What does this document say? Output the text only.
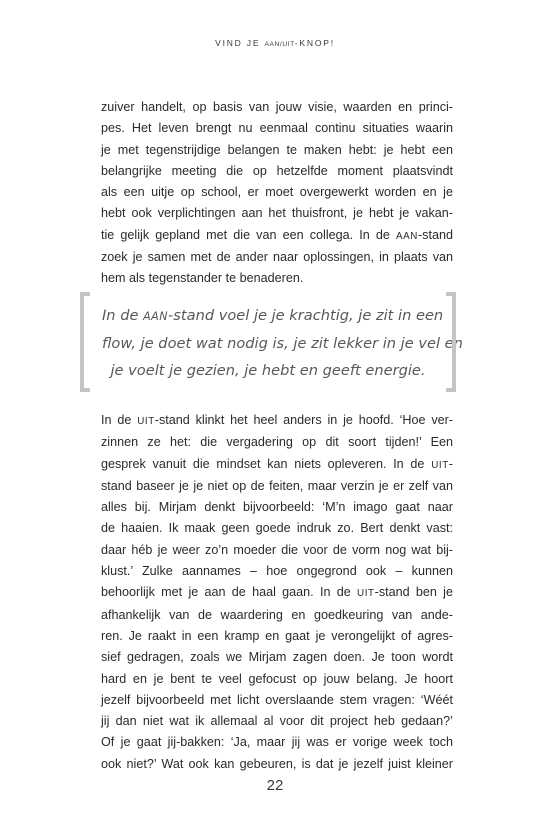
VIND JE AAN/UIT-KNOP!
zuiver handelt, op basis van jouw visie, waarden en princi-
pes. Het leven brengt nu eenmaal continu situaties waarin
je met tegenstrijdige belangen te maken hebt: je hebt een
belangrijke meeting die op hetzelfde moment plaatsvindt
als een uitje op school, er moet overgewerkt worden en je
hebt ook verplichtingen aan het thuisfront, je hebt je vakan-
tie gelijk gepland met die van een collega. In de AAN-stand
zoek je samen met de ander naar oplossingen, in plaats van
hem als tegenstander te benaderen.
In de AAN-stand voel je je krachtig, je zit in een
flow, je doet wat nodig is, je zit lekker in je vel en
je voelt je gezien, je hebt en geeft energie.
In de UIT-stand klinkt het heel anders in je hoofd. ‘Hoe ver-
zinnen ze het: die vergadering op dit soort tijden!’ Een
gesprek vanuit die mindset kan niets opleveren. In de UIT-
stand baseer je je niet op de feiten, maar verzin je er zelf van
alles bij. Mirjam denkt bijvoorbeeld: ‘M’n imago gaat naar
de haaien. Ik maak geen goede indruk zo. Bert denkt vast:
daar héb je weer zo’n moeder die voor de vorm nog wat bij-
klust.’ Zulke aannames – hoe ongegrond ook – kunnen
behoorlijk met je aan de haal gaan. In de UIT-stand ben je
afhankelijk van de waardering en goedkeuring van ande-
ren. Je raakt in een kramp en gaat je verongelijkt of agres-
sief gedragen, zoals we Mirjam zagen doen. Je toon wordt
hard en je bent te veel gefocust op jouw belang. Je hoort
jezelf bijvoorbeeld met licht overslaande stem vragen: ‘Wéét
jij dan niet wat ik allemaal al voor dit project heb gedaan?’
Of je gaat jij-bakken: ‘Ja, maar jij was er vorige week toch
ook niet?’ Wat ook kan gebeuren, is dat je jezelf juist kleiner
22
